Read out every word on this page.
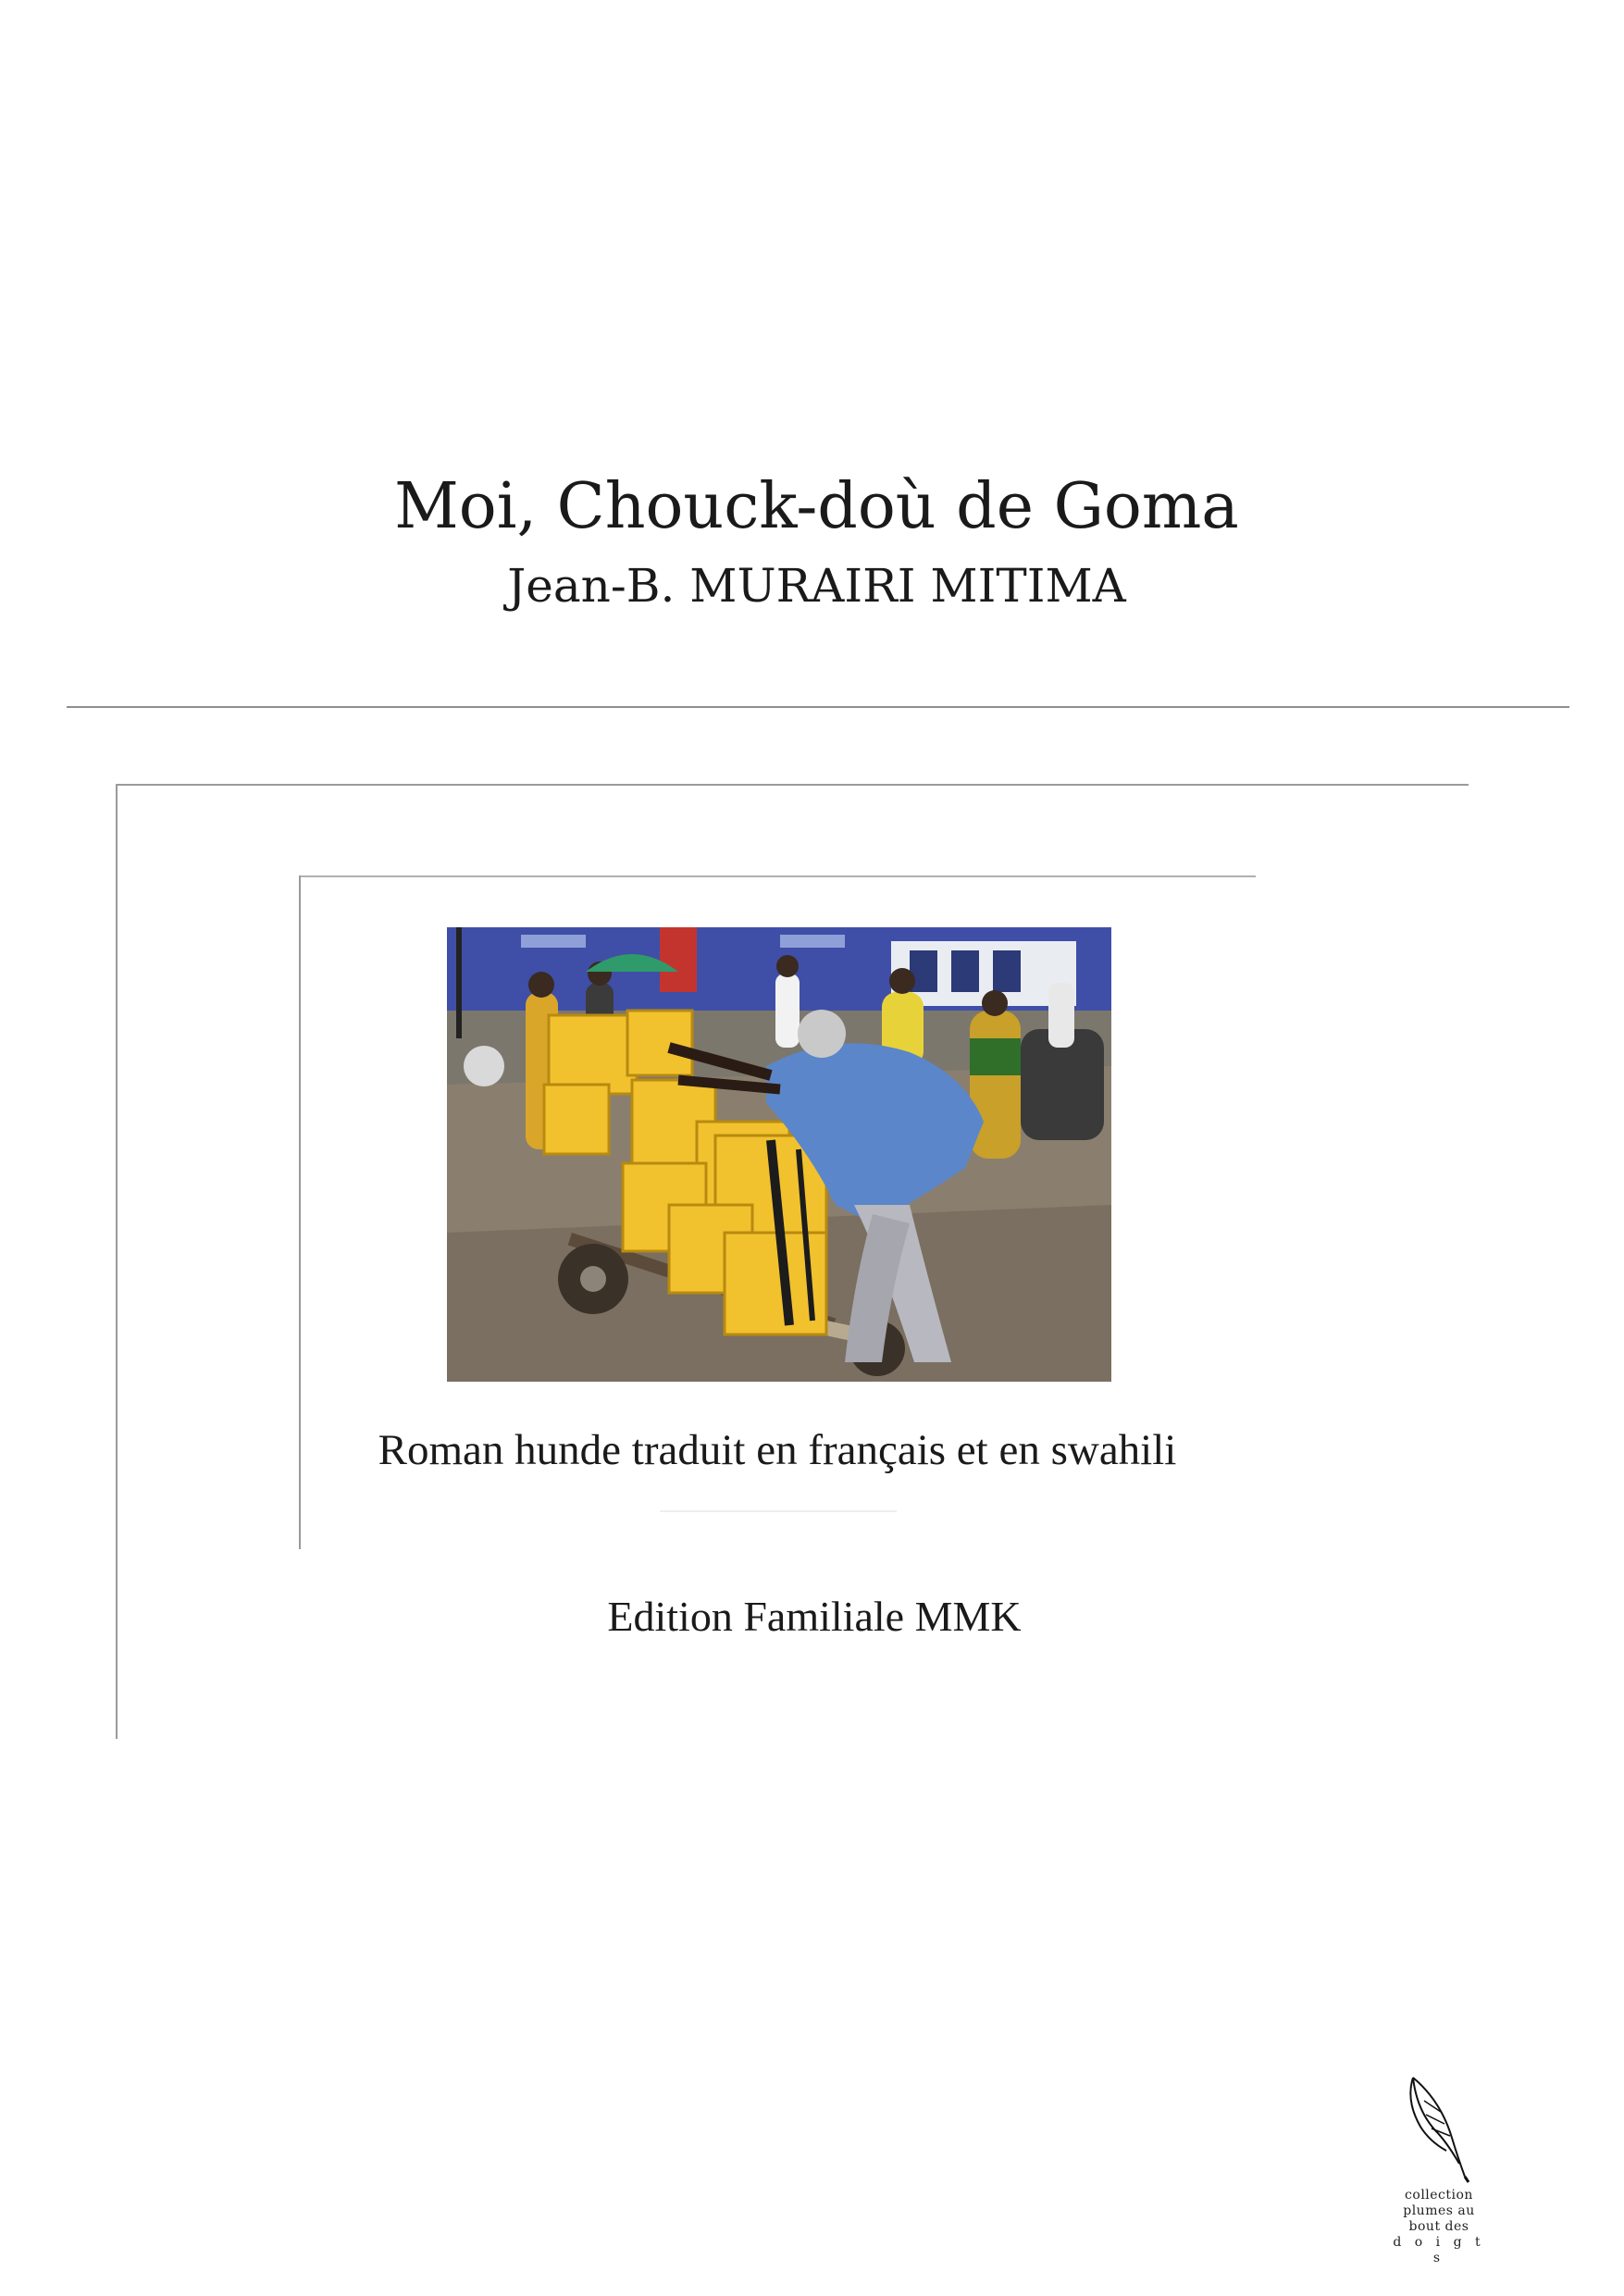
Moi, Chouck-doù de Goma
Jean-B. MURAIRI MITIMA
Roman hunde traduit en français et en swahili
Edition Familiale MMK
collection
plumes au
bout des
d o i g t s
